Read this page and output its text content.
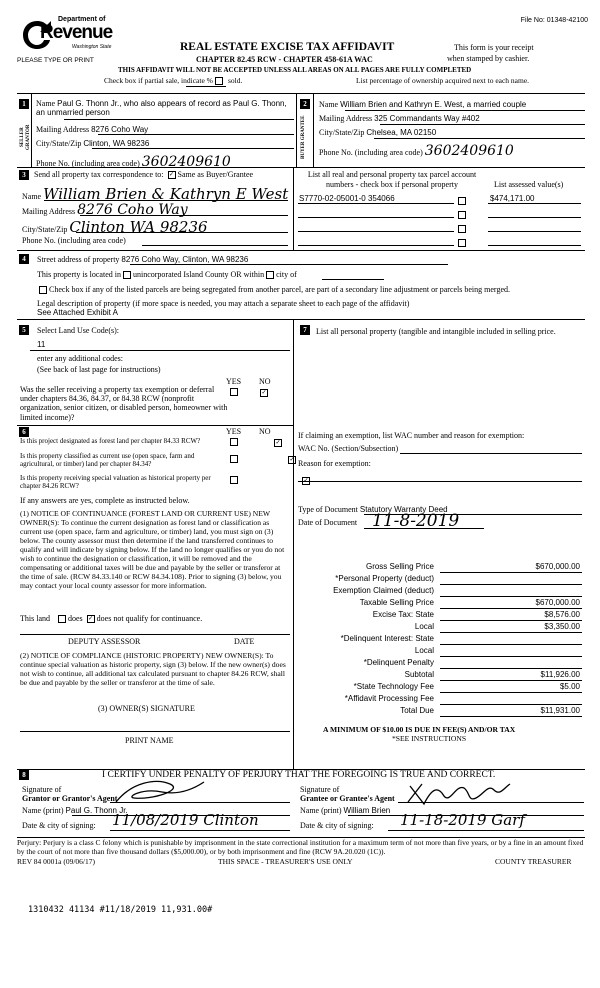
File No: 01348-42100
Department of
Revenue
Washington State
PLEASE TYPE OR PRINT
REAL ESTATE EXCISE TAX AFFIDAVIT
CHAPTER 82.45 RCW - CHAPTER 458-61A WAC
This form is your receipt
when stamped by cashier.
THIS AFFIDAVIT WILL NOT BE ACCEPTED UNLESS ALL AREAS ON ALL PAGES ARE FULLY COMPLETED
Check box if partial sale, indicate %	sold.	List percentage of ownership acquired next to each name.
1
SELLER GRANTOR
Name Paul G. Thonn Jr., who also appears of record as Paul G. Thonn, an unmarried person
Mailing Address 8276 Coho Way
City/State/Zip Clinton, WA 98236
Phone No. (including area code) 3602409610
2
BUYER GRANTEE
Name William Brien and Kathryn E. West, a married couple
Mailing Address 325 Commandants Way #402
City/State/Zip Chelsea, MA 02150
Phone No. (including area code) 3602409610
3	Send all property tax correspondence to: ✓ Same as Buyer/Grantee
Name William Brien & Kathryn E West
Mailing Address 8276 Coho Way
City/State/Zip Clinton WA 98236
Phone No. (including area code)
List all real and personal property tax parcel account
numbers - check box if personal property	List assessed value(s)
S7770-02-05001-0 354066	$474,171.00
4	Street address of property 8276 Coho Way, Clinton, WA 98236
This property is located in unincorporated Island County OR within city of
Check box if any of the listed parcels are being segregated from another parcel, are part of a secondary line adjustment or parcels being merged.
Legal description of property (if more space is needed, you may attach a separate sheet to each page of the affidavit)
See Attached Exhibit A
5	Select Land Use Code(s):
11
enter any additional codes:
(See back of last page for instructions)
YES NO
Was the seller receiving a property tax exemption or deferral under chapters 84.36, 84.37, or 84.38 RCW (nonprofit organization, senior citizen, or disabled person, homeowner with limited income)?
✓
7	List all personal property (tangible and intangible included in selling price.
6	YES NO
Is this project designated as forest land per chapter 84.33 RCW?	✓
Is this property classified as current use (open space, farm and agricultural, or timber) land per chapter 84.34?	✓
Is this property receiving special valuation as historical property per chapter 84.26 RCW?
✓
If any answers are yes, complete as instructed below.
(1) NOTICE OF CONTINUANCE (FOREST LAND OR CURRENT USE) NEW OWNER(S): To continue the current designation as forest land or classification as current use (open space, farm and agriculture, or timber) land, you must sign on (3) below. The county assessor must then determine if the land transferred continues to qualify and will indicate by signing below. If the land no longer qualifies or you do not wish to continue the designation or classification, it will be removed and the compensating or additional taxes will be due and payable by the seller or transferor at the time of sale. (RCW 84.33.140 or RCW 84.34.108). Prior to signing (3) below, you may contact your local county assessor for more information.
This land does ✓ does not qualify for continuance.
DEPUTY ASSESSOR	DATE
(2) NOTICE OF COMPLIANCE (HISTORIC PROPERTY) NEW OWNER(S): To continue special valuation as historic property, sign (3) below. If the new owner(s) does not wish to continue, all additional tax calculated pursuant to chapter 84.26 RCW, shall be due and payable by the seller or transferor at the time of sale.
(3) OWNER(S) SIGNATURE
PRINT NAME
If claiming an exemption, list WAC number and reason for exemption:
WAC No. (Section/Subsection)
Reason for exemption:
Type of Document Statutory Warranty Deed
Date of Document 11-8-2019
Gross Selling Price	$670,000.00
*Personal Property (deduct)
Exemption Claimed (deduct)
Taxable Selling Price	$670,000.00
Excise Tax: State	$8,576.00
Local	$3,350.00
*Delinquent Interest: State
Local
*Delinquent Penalty
Subtotal	$11,926.00
*State Technology Fee	$5.00
*Affidavit Processing Fee
Total Due	$11,931.00
A MINIMUM OF $10.00 IS DUE IN FEE(S) AND/OR TAX
*SEE INSTRUCTIONS
8	I CERTIFY UNDER PENALTY OF PERJURY THAT THE FOREGOING IS TRUE AND CORRECT.
Signature of
Grantor or Grantor's Agent
Name (print) Paul G. Thonn Jr.
Date & city of signing: 11/08/2019 Clinton
Signature of
Grantee or Grantee's Agent
Name (print) William Brien
Date & city of signing: 11-18-2019 Garf
Perjury: Perjury is a class C felony which is punishable by imprisonment in the state correctional institution for a maximum term of not more than five years, or by a fine in an amount fixed by the court of not more than five thousand dollars ($5,000.00), or by both imprisonment and fine (RCW 9A.20.020 (1C)).
REV 84 0001a (09/06/17)	THIS SPACE - TREASURER'S USE ONLY	COUNTY TREASURER
1310432 41134 #11/18/2019 11,931.00#
